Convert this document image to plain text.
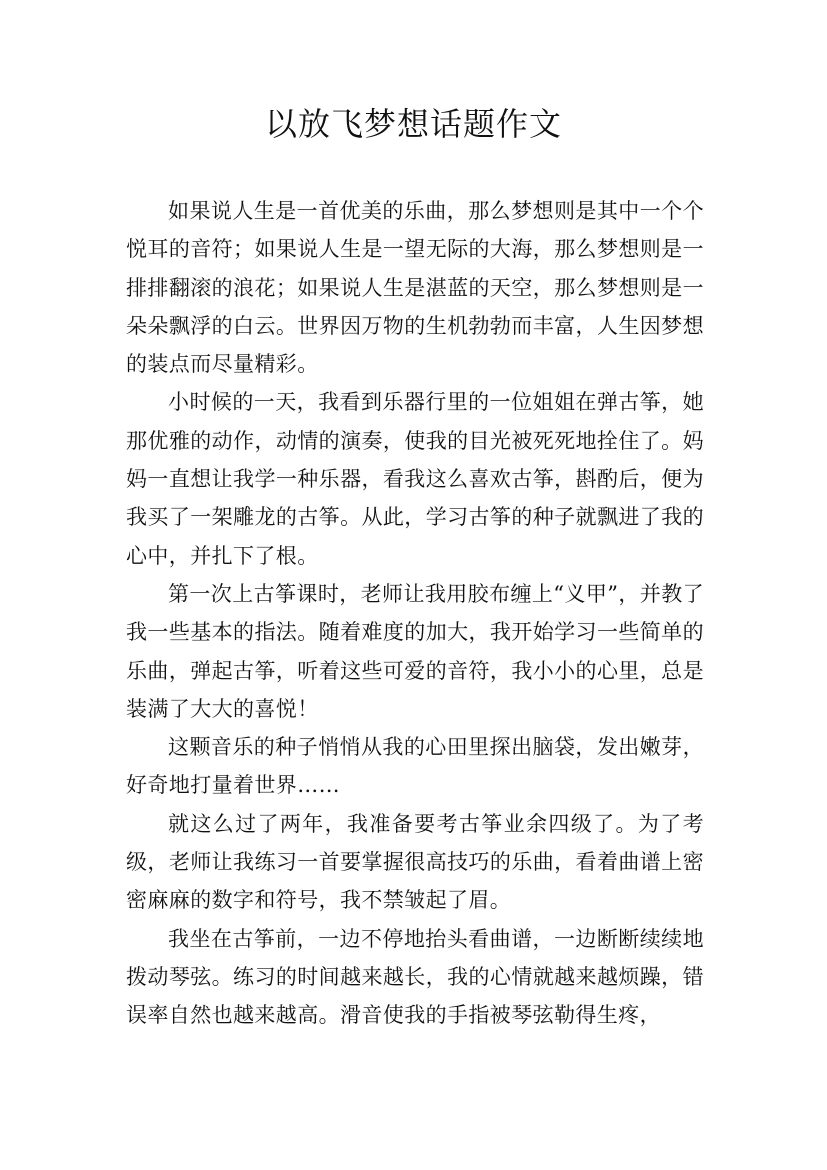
以放飞梦想话题作文

如果说人生是一首优美的乐曲，那么梦想则是其中一个个悦耳的音符；如果说人生是一望无际的大海，那么梦想则是一排排翻滚的浪花；如果说人生是湛蓝的天空，那么梦想则是一朵朵飘浮的白云。世界因万物的生机勃勃而丰富，人生因梦想的装点而尽量精彩。

小时候的一天，我看到乐器行里的一位姐姐在弹古筝，她那优雅的动作，动情的演奏，使我的目光被死死地拴住了。妈妈一直想让我学一种乐器，看我这么喜欢古筝，斟酌后，便为我买了一架雕龙的古筝。从此，学习古筝的种子就飘进了我的心中，并扎下了根。

第一次上古筝课时，老师让我用胶布缠上“义甲”，并教了我一些基本的指法。随着难度的加大，我开始学习一些简单的乐曲，弹起古筝，听着这些可爱的音符，我小小的心里，总是装满了大大的喜悦！

这颗音乐的种子悄悄从我的心田里探出脑袋，发出嫩芽，好奇地打量着世界……

就这么过了两年，我准备要考古筝业余四级了。为了考级，老师让我练习一首要掌握很高技巧的乐曲，看着曲谱上密密麻麻的数字和符号，我不禁皱起了眉。

我坐在古筝前，一边不停地抬头看曲谱，一边断断续续地拨动琴弦。练习的时间越来越长，我的心情就越来越烦躁，错误率自然也越来越高。滑音使我的手指被琴弦勒得生疼，
